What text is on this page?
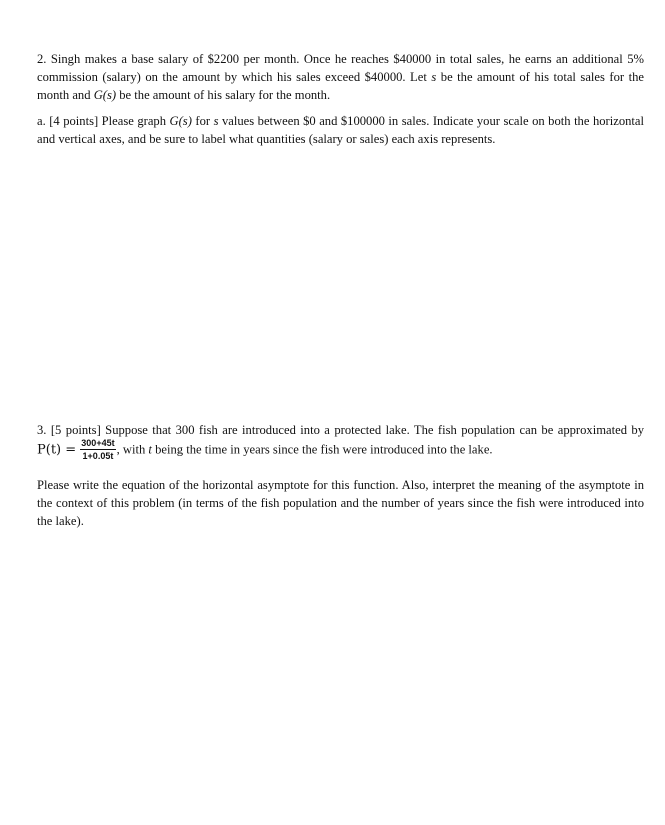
2. Singh makes a base salary of $2200 per month. Once he reaches $40000 in total sales, he earns an additional 5% commission (salary) on the amount by which his sales exceed $40000. Let s be the amount of his total sales for the month and G(s) be the amount of his salary for the month.

a. [4 points] Please graph G(s) for s values between $0 and $100000 in sales. Indicate your scale on both the horizontal and vertical axes, and be sure to label what quantities (salary or sales) each axis represents.

3. [5 points] Suppose that 300 fish are introduced into a protected lake. The fish population can be approximated by $P(t) = \frac{300+45t}{1+0.05t}$ , with t being the time in years since the fish were introduced into the lake.

Please write the equation of the horizontal asymptote for this function. Also, interpret the meaning of the asymptote in the context of this problem (in terms of the fish population and the number of years since the fish were introduced into the lake).
